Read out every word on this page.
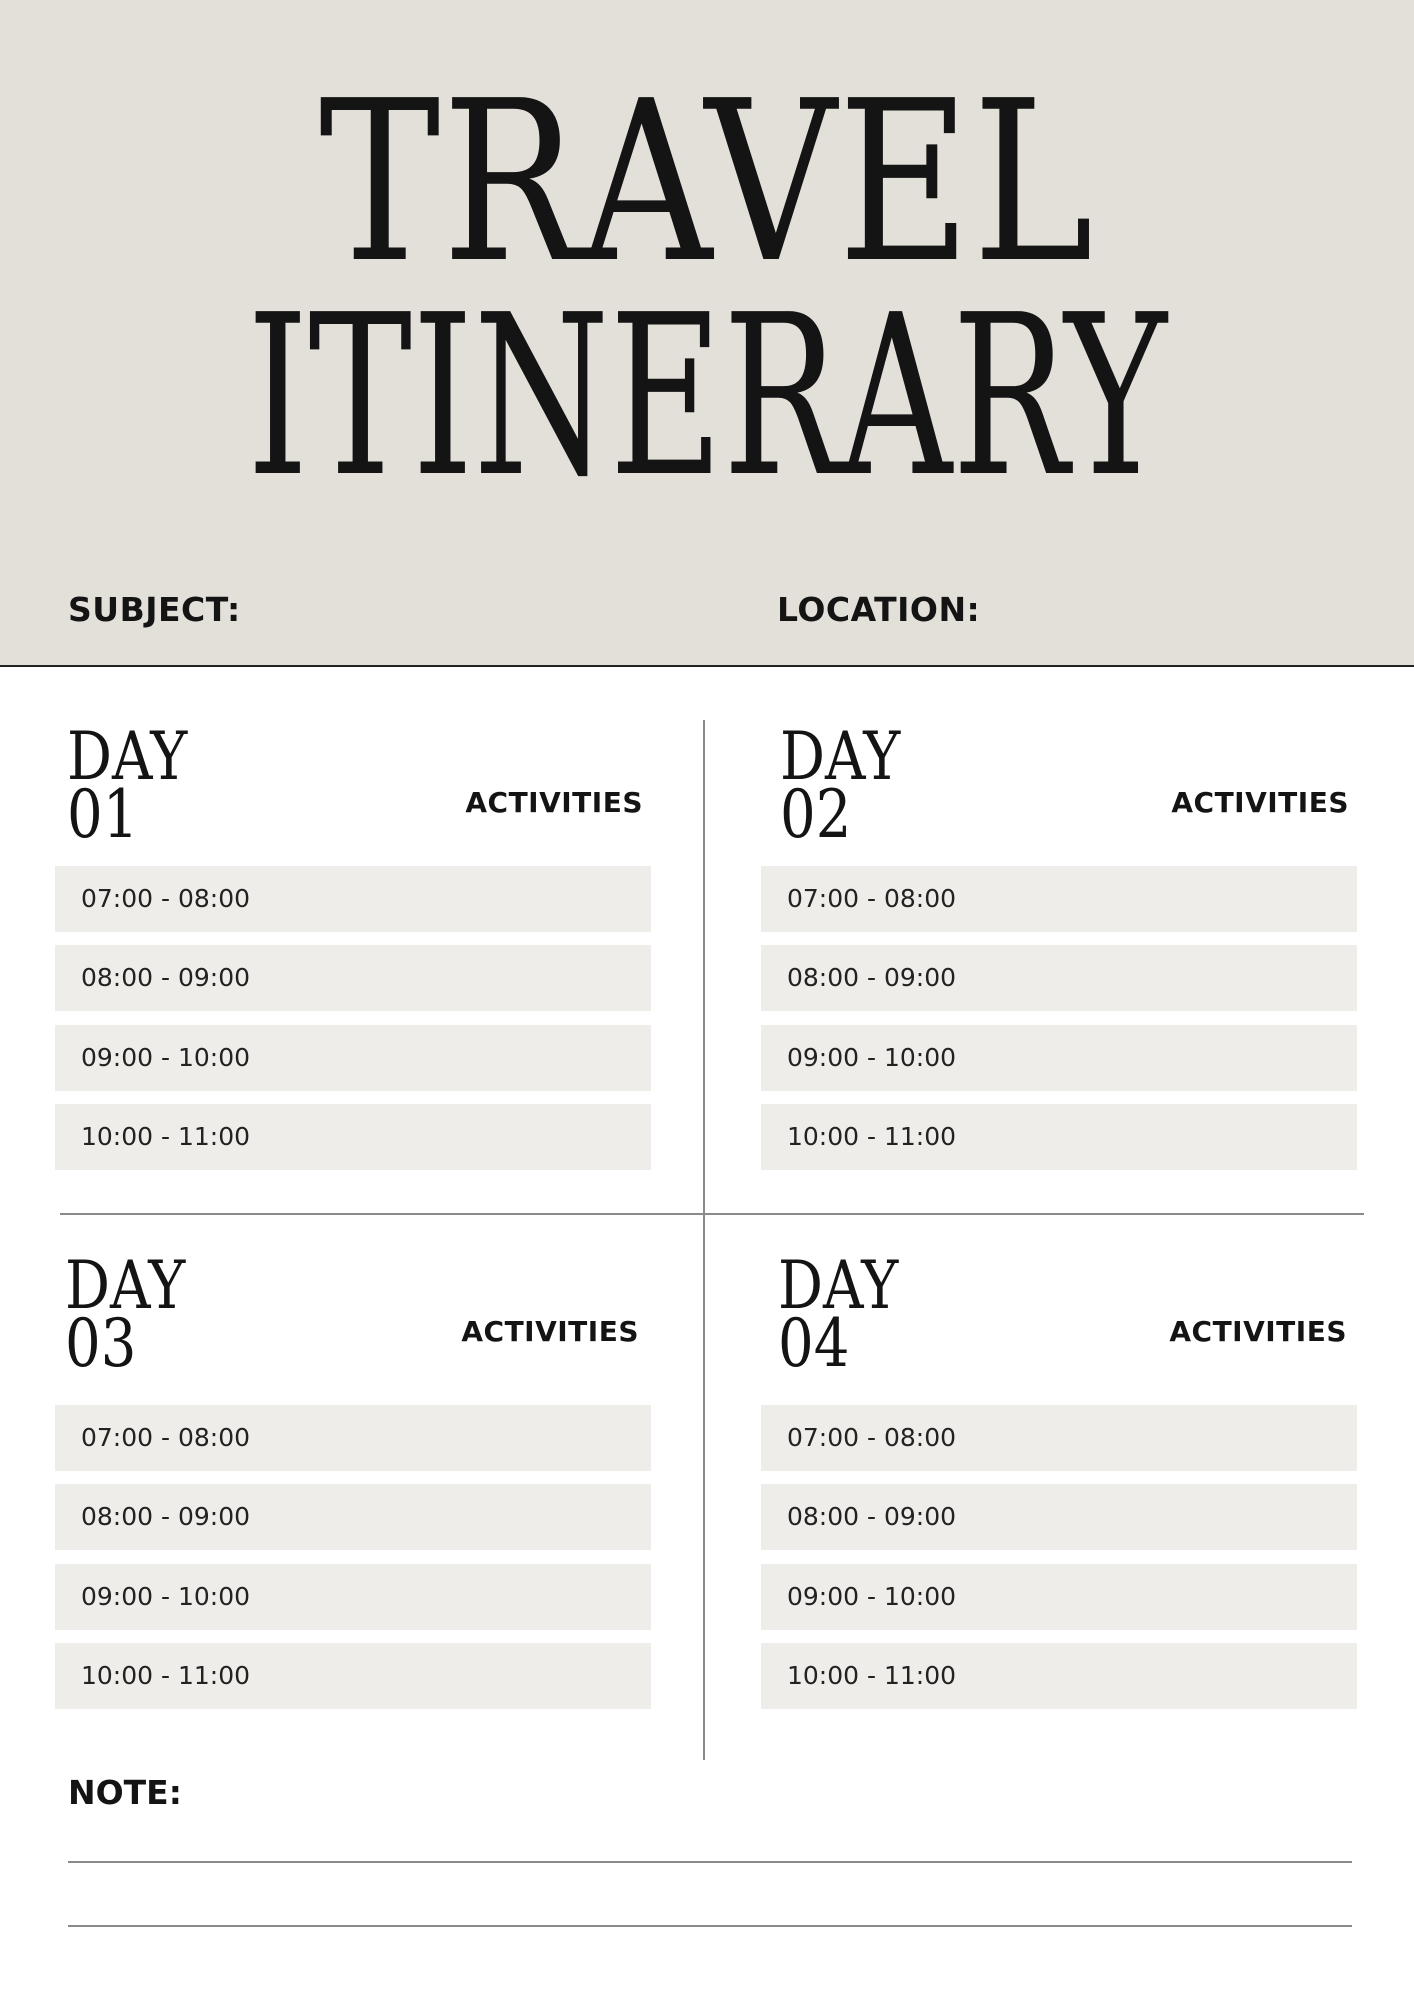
TRAVEL
ITINERARY
SUBJECT:	LOCATION:
DAY
01	ACTIVITIES
07:00 - 08:00
08:00 - 09:00
09:00 - 10:00
10:00 - 11:00
DAY
02	ACTIVITIES
07:00 - 08:00
08:00 - 09:00
09:00 - 10:00
10:00 - 11:00
DAY
03	ACTIVITIES
07:00 - 08:00
08:00 - 09:00
09:00 - 10:00
10:00 - 11:00
DAY
04	ACTIVITIES
07:00 - 08:00
08:00 - 09:00
09:00 - 10:00
10:00 - 11:00
NOTE:
